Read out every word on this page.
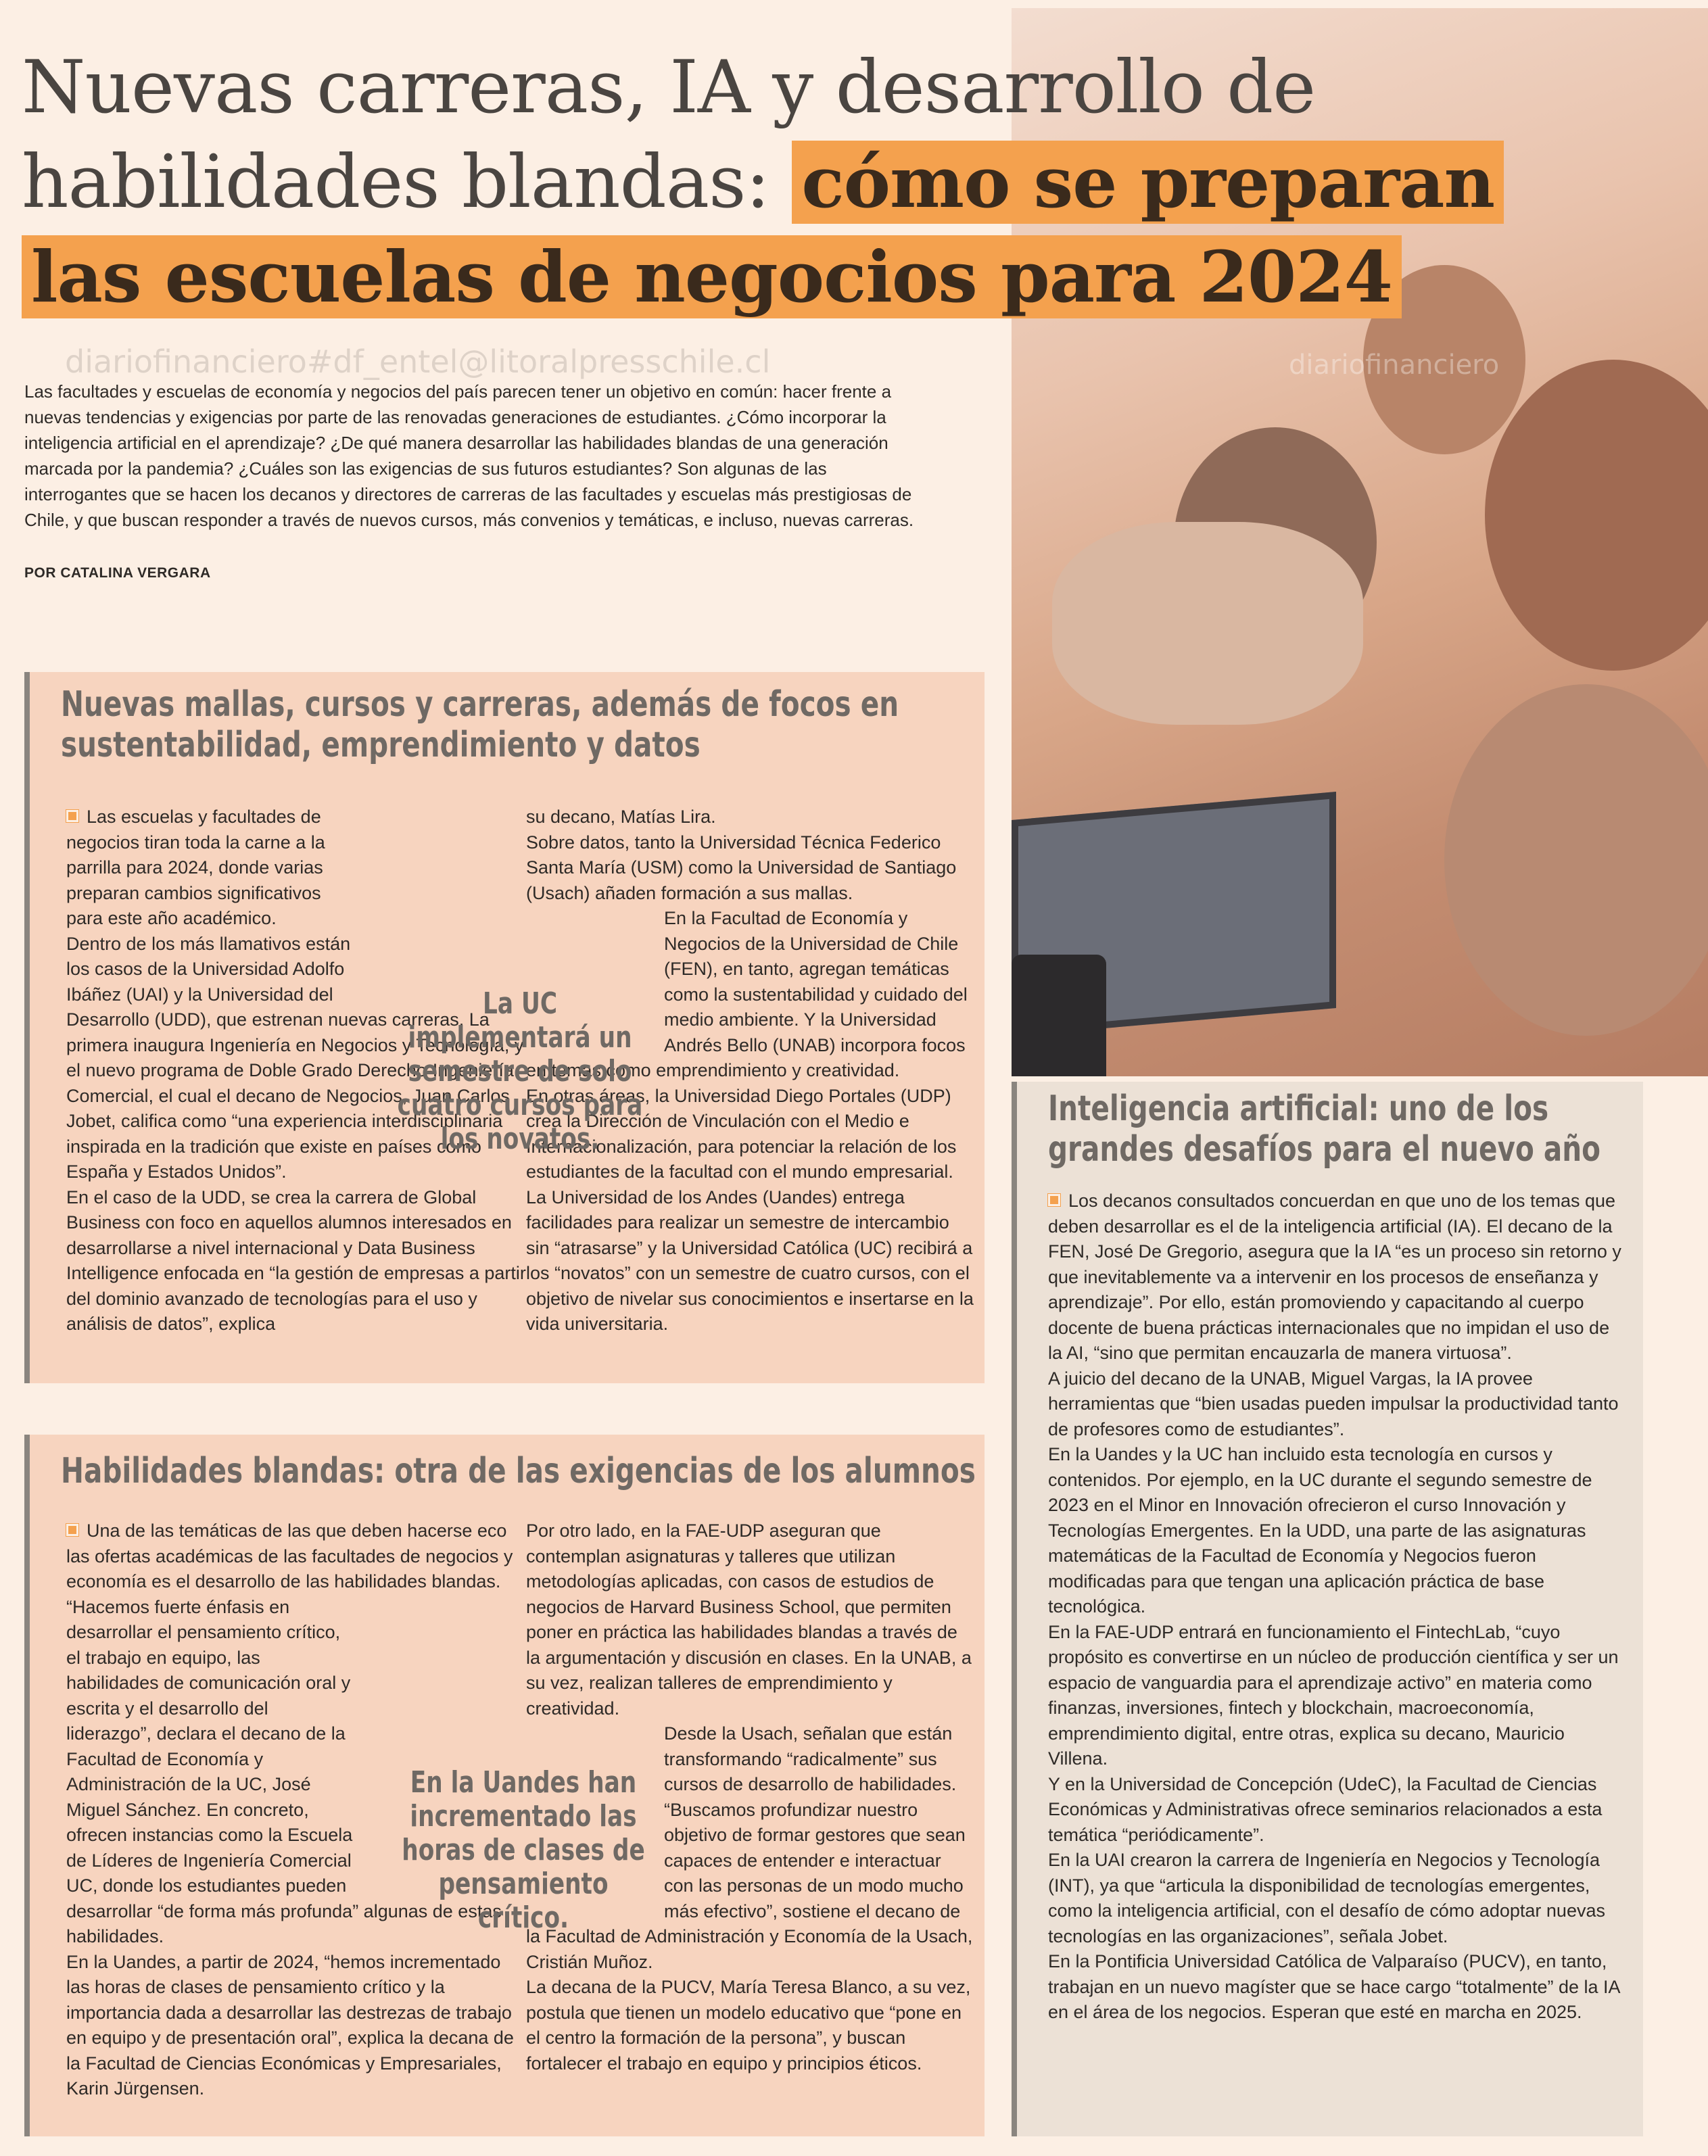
diariofinanciero
Nuevas carreras, IA y desarrollo de
habilidades blandas: cómo se preparan
las escuelas de negocios para 2024
diariofinanciero#df_entel@litoralpresschile.cl

Las facultades y escuelas de economía y negocios del país parecen tener un objetivo en común: hacer frente a nuevas tendencias y exigencias por parte de las renovadas generaciones de estudiantes. ¿Cómo incorporar la inteligencia artificial en el aprendizaje? ¿De qué manera desarrollar las habilidades blandas de una generación marcada por la pandemia? ¿Cuáles son las exigencias de sus futuros estudiantes? Son algunas de las interrogantes que se hacen los decanos y directores de carreras de las facultades y escuelas más prestigiosas de Chile, y que buscan responder a través de nuevos cursos, más convenios y temáticas, e incluso, nuevas carreras.

POR CATALINA VERGARA
Nuevas mallas, cursos y carreras, además de focos en sustentabilidad, emprendimiento y datos

Las escuelas y facultades de negocios tiran toda la carne a la parrilla para 2024, donde varias preparan cambios significativos para este año académico.

Dentro de los más llamativos están los casos de la Universidad Adolfo Ibáñez (UAI) y la Universidad del Desarrollo (UDD), que estrenan nuevas carreras. La primera inaugura Ingeniería en Negocios y Tecnología, y el nuevo programa de Doble Grado Derecho-Ingeniería Comercial, el cual el decano de Negocios, Juan Carlos Jobet, califica como “una experiencia interdisciplinaria inspirada en la tradición que existe en países como España y Estados Unidos”.

En el caso de la UDD, se crea la carrera de Global Business con foco en aquellos alumnos interesados en desarrollarse a nivel internacional y Data Business Intelligence enfocada en “la gestión de empresas a partir del dominio avanzado de tecnologías para el uso y análisis de datos”, explica

su decano, Matías Lira.

Sobre datos, tanto la Universidad Técnica Federico Santa María (USM) como la Universidad de Santiago (Usach) añaden formación a sus mallas.

En la Facultad de Economía y Negocios de la Universidad de Chile (FEN), en tanto, agregan temáticas como la sustentabilidad y cuidado del medio ambiente. Y la Universidad Andrés Bello (UNAB) incorpora focos en temas como emprendimiento y creatividad.

En otras áreas, la Universidad Diego Portales (UDP) crea la Dirección de Vinculación con el Medio e Internacionalización, para potenciar la relación de los estudiantes de la facultad con el mundo empresarial. La Universidad de los Andes (Uandes) entrega facilidades para realizar un semestre de intercambio sin “atrasarse” y la Universidad Católica (UC) recibirá a los “novatos” con un semestre de cuatro cursos, con el objetivo de nivelar sus conocimientos e insertarse en la vida universitaria.

La UC implementará un semestre de solo cuatro cursos para los novatos.
Habilidades blandas: otra de las exigencias de los alumnos

Una de las temáticas de las que deben hacerse eco las ofertas académicas de las facultades de negocios y economía es el desarrollo de las habilidades blandas.

“Hacemos fuerte énfasis en desarrollar el pensamiento crítico, el trabajo en equipo, las habilidades de comunicación oral y escrita y el desarrollo del liderazgo”, declara el decano de la Facultad de Economía y Administración de la UC, José Miguel Sánchez. En concreto, ofrecen instancias como la Escuela de Líderes de Ingeniería Comercial UC, donde los estudiantes pueden desarrollar “de forma más profunda” algunas de estas habilidades.

En la Uandes, a partir de 2024, “hemos incrementado las horas de clases de pensamiento crítico y la importancia dada a desarrollar las destrezas de trabajo en equipo y de presentación oral”, explica la decana de la Facultad de Ciencias Económicas y Empresariales, Karin Jürgensen.

Por otro lado, en la FAE-UDP aseguran que contemplan asignaturas y talleres que utilizan metodologías aplicadas, con casos de estudios de negocios de Harvard Business School, que permiten poner en práctica las habilidades blandas a través de la argumentación y discusión en clases. En la UNAB, a su vez, realizan talleres de emprendimiento y creatividad.

Desde la Usach, señalan que están transformando “radicalmente” sus cursos de desarrollo de habilidades. “Buscamos profundizar nuestro objetivo de formar gestores que sean capaces de entender e interactuar con las personas de un modo mucho más efectivo”, sostiene el decano de la Facultad de Administración y Economía de la Usach, Cristián Muñoz.

La decana de la PUCV, María Teresa Blanco, a su vez, postula que tienen un modelo educativo que “pone en el centro la formación de la persona”, y buscan fortalecer el trabajo en equipo y principios éticos.

En la Uandes han incrementado las horas de clases de pensamiento crítico.
Inteligencia artificial: uno de los grandes desafíos para el nuevo año

Los decanos consultados concuerdan en que uno de los temas que deben desarrollar es el de la inteligencia artificial (IA). El decano de la FEN, José De Gregorio, asegura que la IA “es un proceso sin retorno y que inevitablemente va a intervenir en los procesos de enseñanza y aprendizaje”. Por ello, están promoviendo y capacitando al cuerpo docente de buena prácticas internacionales que no impidan el uso de la AI, “sino que permitan encauzarla de manera virtuosa”.

A juicio del decano de la UNAB, Miguel Vargas, la IA provee herramientas que “bien usadas pueden impulsar la productividad tanto de profesores como de estudiantes”.

En la Uandes y la UC han incluido esta tecnología en cursos y contenidos. Por ejemplo, en la UC durante el segundo semestre de 2023 en el Minor en Innovación ofrecieron el curso Innovación y Tecnologías Emergentes. En la UDD, una parte de las asignaturas matemáticas de la Facultad de Economía y Negocios fueron modificadas para que tengan una aplicación práctica de base tecnológica.

En la FAE-UDP entrará en funcionamiento el FintechLab, “cuyo propósito es convertirse en un núcleo de producción científica y ser un espacio de vanguardia para el aprendizaje activo” en materia como finanzas, inversiones, fintech y blockchain, macroeconomía, emprendimiento digital, entre otras, explica su decano, Mauricio Villena.

Y en la Universidad de Concepción (UdeC), la Facultad de Ciencias Económicas y Administrativas ofrece seminarios relacionados a esta temática “periódicamente”.

En la UAI crearon la carrera de Ingeniería en Negocios y Tecnología (INT), ya que “articula la disponibilidad de tecnologías emergentes, como la inteligencia artificial, con el desafío de cómo adoptar nuevas tecnologías en las organizaciones”, señala Jobet.

En la Pontificia Universidad Católica de Valparaíso (PUCV), en tanto, trabajan en un nuevo magíster que se hace cargo “totalmente” de la IA en el área de los negocios. Esperan que esté en marcha en 2025.
